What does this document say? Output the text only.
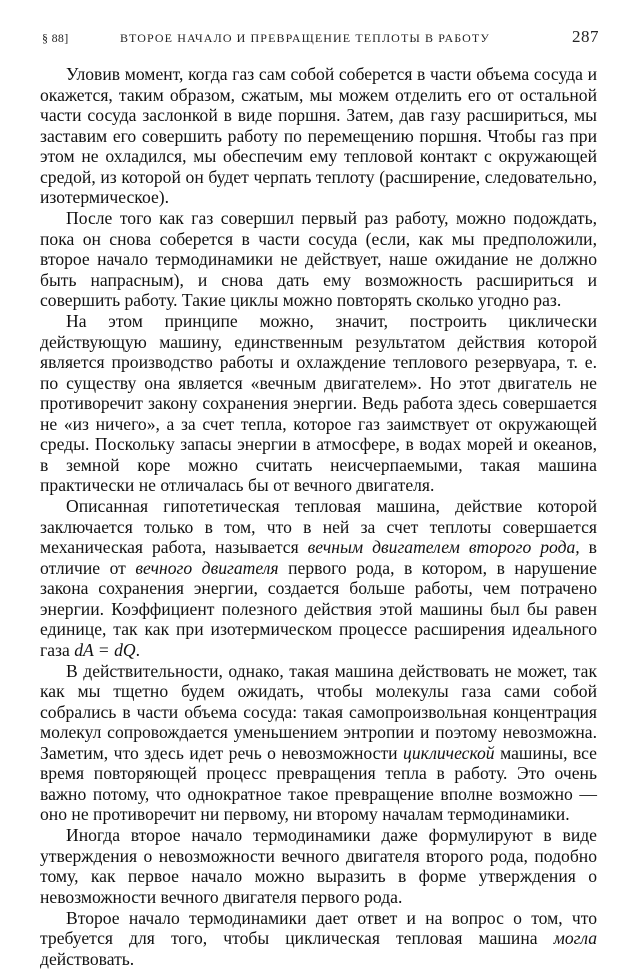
§ 88]	ВТОРОЕ НАЧАЛО И ПРЕВРАЩЕНИЕ ТЕПЛОТЫ В РАБОТУ	287

Уловив момент, когда газ сам собой соберется в части объема сосуда и окажется, таким образом, сжатым, мы можем отделить его от остальной части сосуда заслонкой в виде поршня. Затем, дав газу расшириться, мы заставим его совершить работу по перемещению поршня. Чтобы газ при этом не охладился, мы обеспечим ему тепловой контакт с окружающей средой, из которой он будет черпать теплоту (расширение, следовательно, изотермическое).

После того как газ совершил первый раз работу, можно подождать, пока он снова соберется в части сосуда (если, как мы предположили, второе начало термодинамики не действует, наше ожидание не должно быть напрасным), и снова дать ему возможность расшириться и совершить работу. Такие циклы можно повторять сколько угодно раз.

На этом принципе можно, значит, построить циклически действующую машину, единственным результатом действия которой является производство работы и охлаждение теплового резервуара, т. е. по существу она является «вечным двигателем». Но этот двигатель не противоречит закону сохранения энергии. Ведь работа здесь совершается не «из ничего», а за счет тепла, которое газ заимствует от окружающей среды. Поскольку запасы энергии в атмосфере, в водах морей и океанов, в земной коре можно считать неисчерпаемыми, такая машина практически не отличалась бы от вечного двигателя.

Описанная гипотетическая тепловая машина, действие которой заключается только в том, что в ней за счет теплоты совершается механическая работа, называется вечным двигателем второго рода, в отличие от вечного двигателя первого рода, в котором, в нарушение закона сохранения энергии, создается больше работы, чем потрачено энергии. Коэффициент полезного действия этой машины был бы равен единице, так как при изотермическом процессе расширения идеального газа dA = dQ.

В действительности, однако, такая машина действовать не может, так как мы тщетно будем ожидать, чтобы молекулы газа сами собой собрались в части объема сосуда: такая самопроизвольная концентрация молекул сопровождается уменьшением энтропии и поэтому невозможна. Заметим, что здесь идет речь о невозможности циклической машины, все время повторяющей процесс превращения тепла в работу. Это очень важно потому, что однократное такое превращение вполне возможно — оно не противоречит ни первому, ни второму началам термодинамики.

Иногда второе начало термодинамики даже формулируют в виде утверждения о невозможности вечного двигателя второго рода, подобно тому, как первое начало можно выразить в форме утверждения о невозможности вечного двигателя первого рода.

Второе начало термодинамики дает ответ и на вопрос о том, что требуется для того, чтобы циклическая тепловая машина могла действовать.
